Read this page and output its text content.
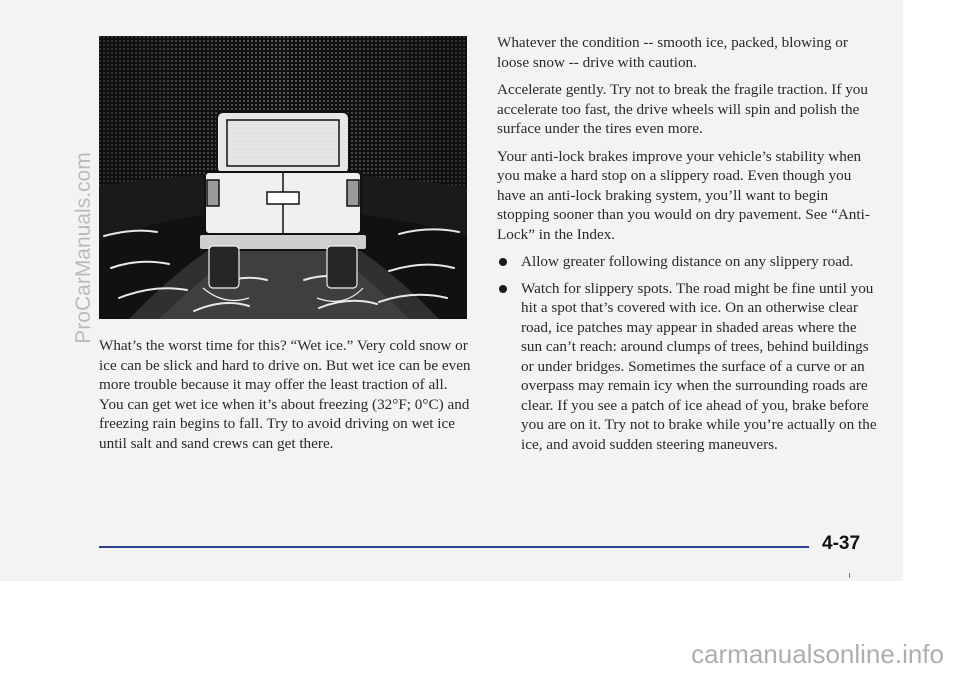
What’s the worst time for this? “Wet ice.” Very cold snow or ice can be slick and hard to drive on. But wet ice can be even more trouble because it may offer the least traction of all. You can get wet ice when it’s about freezing (32°F; 0°C) and freezing rain begins to fall. Try to avoid driving on wet ice until salt and sand crews can get there.

Whatever the condition -- smooth ice, packed, blowing or loose snow -- drive with caution.

Accelerate gently. Try not to break the fragile traction. If you accelerate too fast, the drive wheels will spin and polish the surface under the tires even more.

Your anti-lock brakes improve your vehicle’s stability when you make a hard stop on a slippery road. Even though you have an anti-lock braking system, you’ll want to begin stopping sooner than you would on dry pavement. See “Anti-Lock” in the Index.

Allow greater following distance on any slippery road.
Watch for slippery spots. The road might be fine until you hit a spot that’s covered with ice. On an otherwise clear road, ice patches may appear in shaded areas where the sun can’t reach: around clumps of trees, behind buildings or under bridges. Sometimes the surface of a curve or an overpass may remain icy when the surrounding roads are clear. If you see a patch of ice ahead of you, brake before you are on it. Try not to brake while you’re actually on the ice, and avoid sudden steering maneuvers.
4-37
ProCarManuals.com
carmanualsonline.info
